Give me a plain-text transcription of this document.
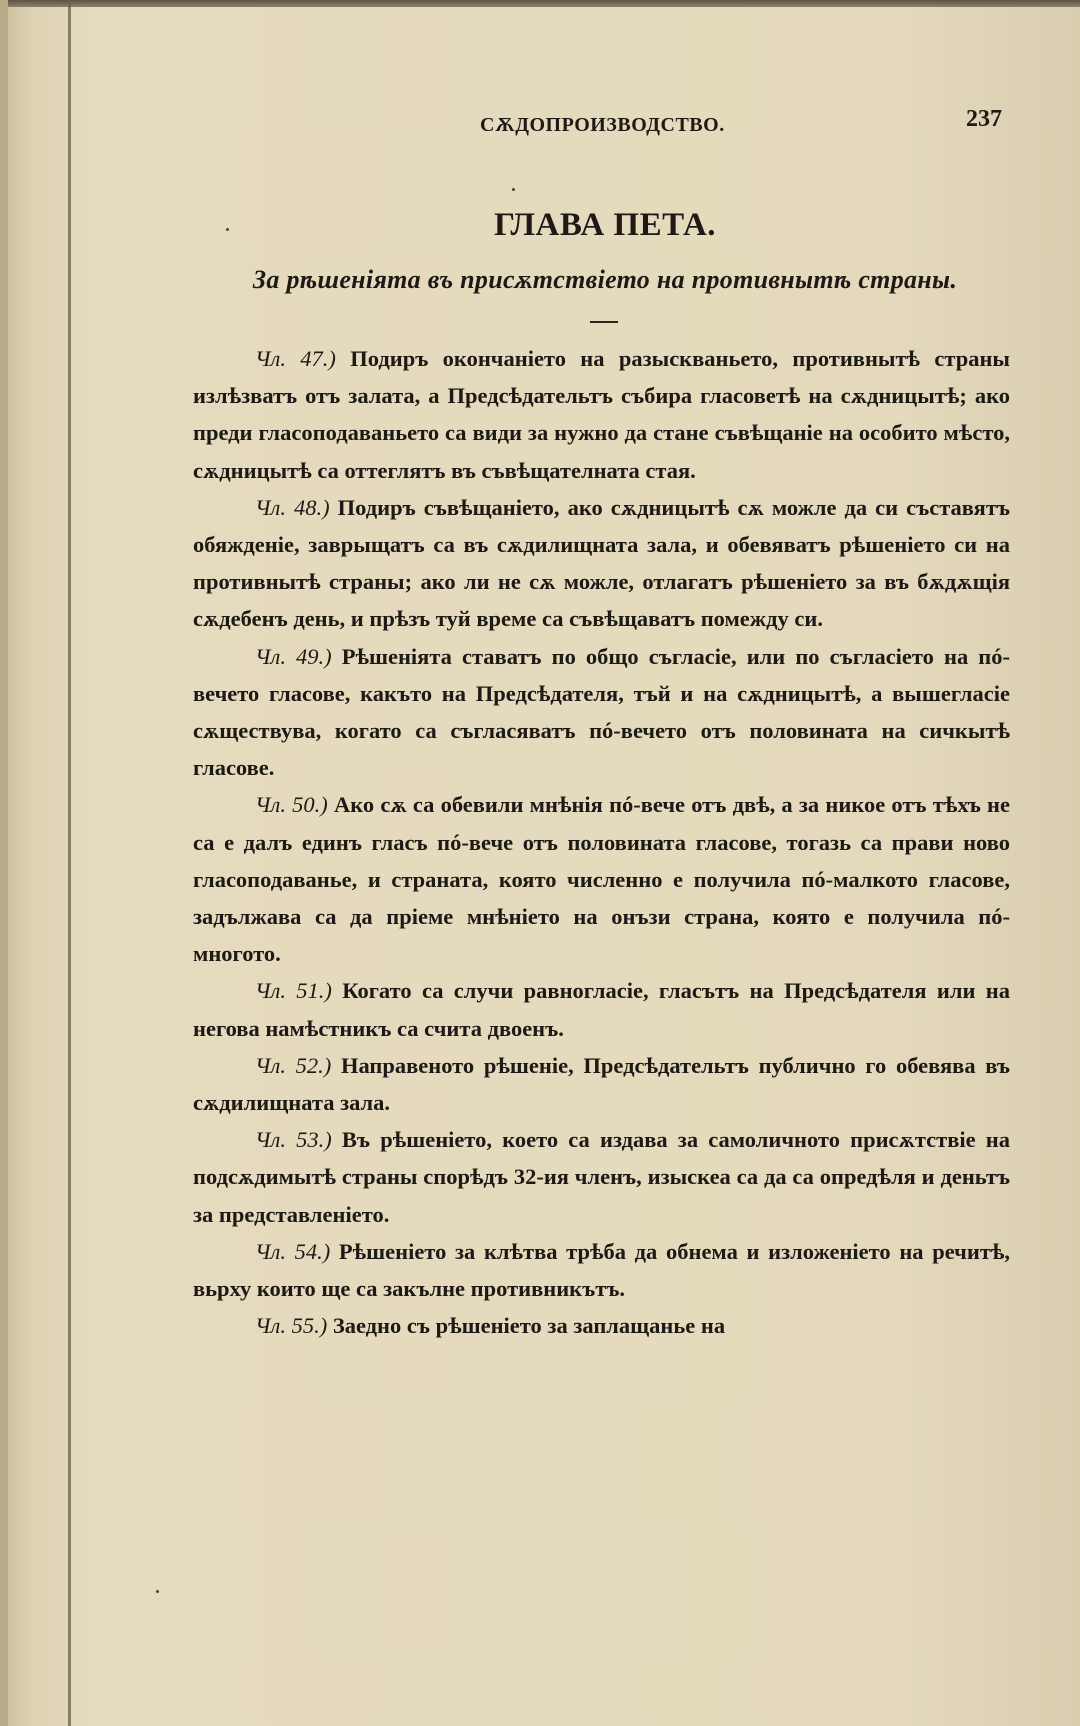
СѪДОПРОИЗВОДСТВО.	237
ГЛАВА ПЕТА.
За рѣшеніята въ присѫтствіето на противнытѣ страны.

Чл. 47.) Подиръ окончаніето на разыскваньето, противнытѣ страны излѣзватъ отъ залата, а Предсѣдательтъ събира гласоветѣ на сѫдницытѣ; ако преди гласоподаваньето са види за нужно да стане съвѣщаніе на особито мѣсто, сѫдницытѣ са оттеглятъ въ съвѣщателната стая.

Чл. 48.) Подиръ съвѣщаніето, ако сѫдницытѣ сѫ можле да си съставятъ обяжденіе, заврыщатъ са въ сѫдилищната зала, и обевяватъ рѣшеніето си на противнытѣ страны; ако ли не сѫ можле, отлагатъ рѣшеніето за въ бѫдѫщія сѫдебенъ день, и прѣзъ туй време са съвѣщаватъ помежду си.

Чл. 49.) Рѣшеніята ставатъ по общо съгласіе, или по съгласіето на пó-вечето гласове, какъто на Предсѣдателя, тъй и на сѫдницытѣ, а вышегласіе сѫществува, когато са съгласяватъ пó-вечето отъ половината на сичкытѣ гласове.

Чл. 50.) Ако сѫ са обевили мнѣнія пó-вече отъ двѣ, а за никое отъ тѣхъ не са е далъ единъ гласъ пó-вече отъ половината гласове, тогазь са прави ново гласоподаванье, и страната, която численно е получила пó-малкото гласове, задължава са да пріеме мнѣніето на онъзи страна, която е получила пó-многото.

Чл. 51.) Когато са случи равногласіе, гласътъ на Предсѣдателя или на негова намѣстникъ са счита двоенъ.

Чл. 52.) Направеното рѣшеніе, Предсѣдательтъ публично го обевява въ сѫдилищната зала.

Чл. 53.) Въ рѣшеніето, което са издава за самоличното присѫтствіе на подсѫдимытѣ страны спорѣдъ 32-ия членъ, изыскеа са да са опредѣля и деньтъ за представленіето.

Чл. 54.) Рѣшеніето за клѣтва трѣба да обнема и изложеніето на речитѣ, вьрху които ще са закълне противникътъ.

Чл. 55.) Заедно съ рѣшеніето за заплащанье на
